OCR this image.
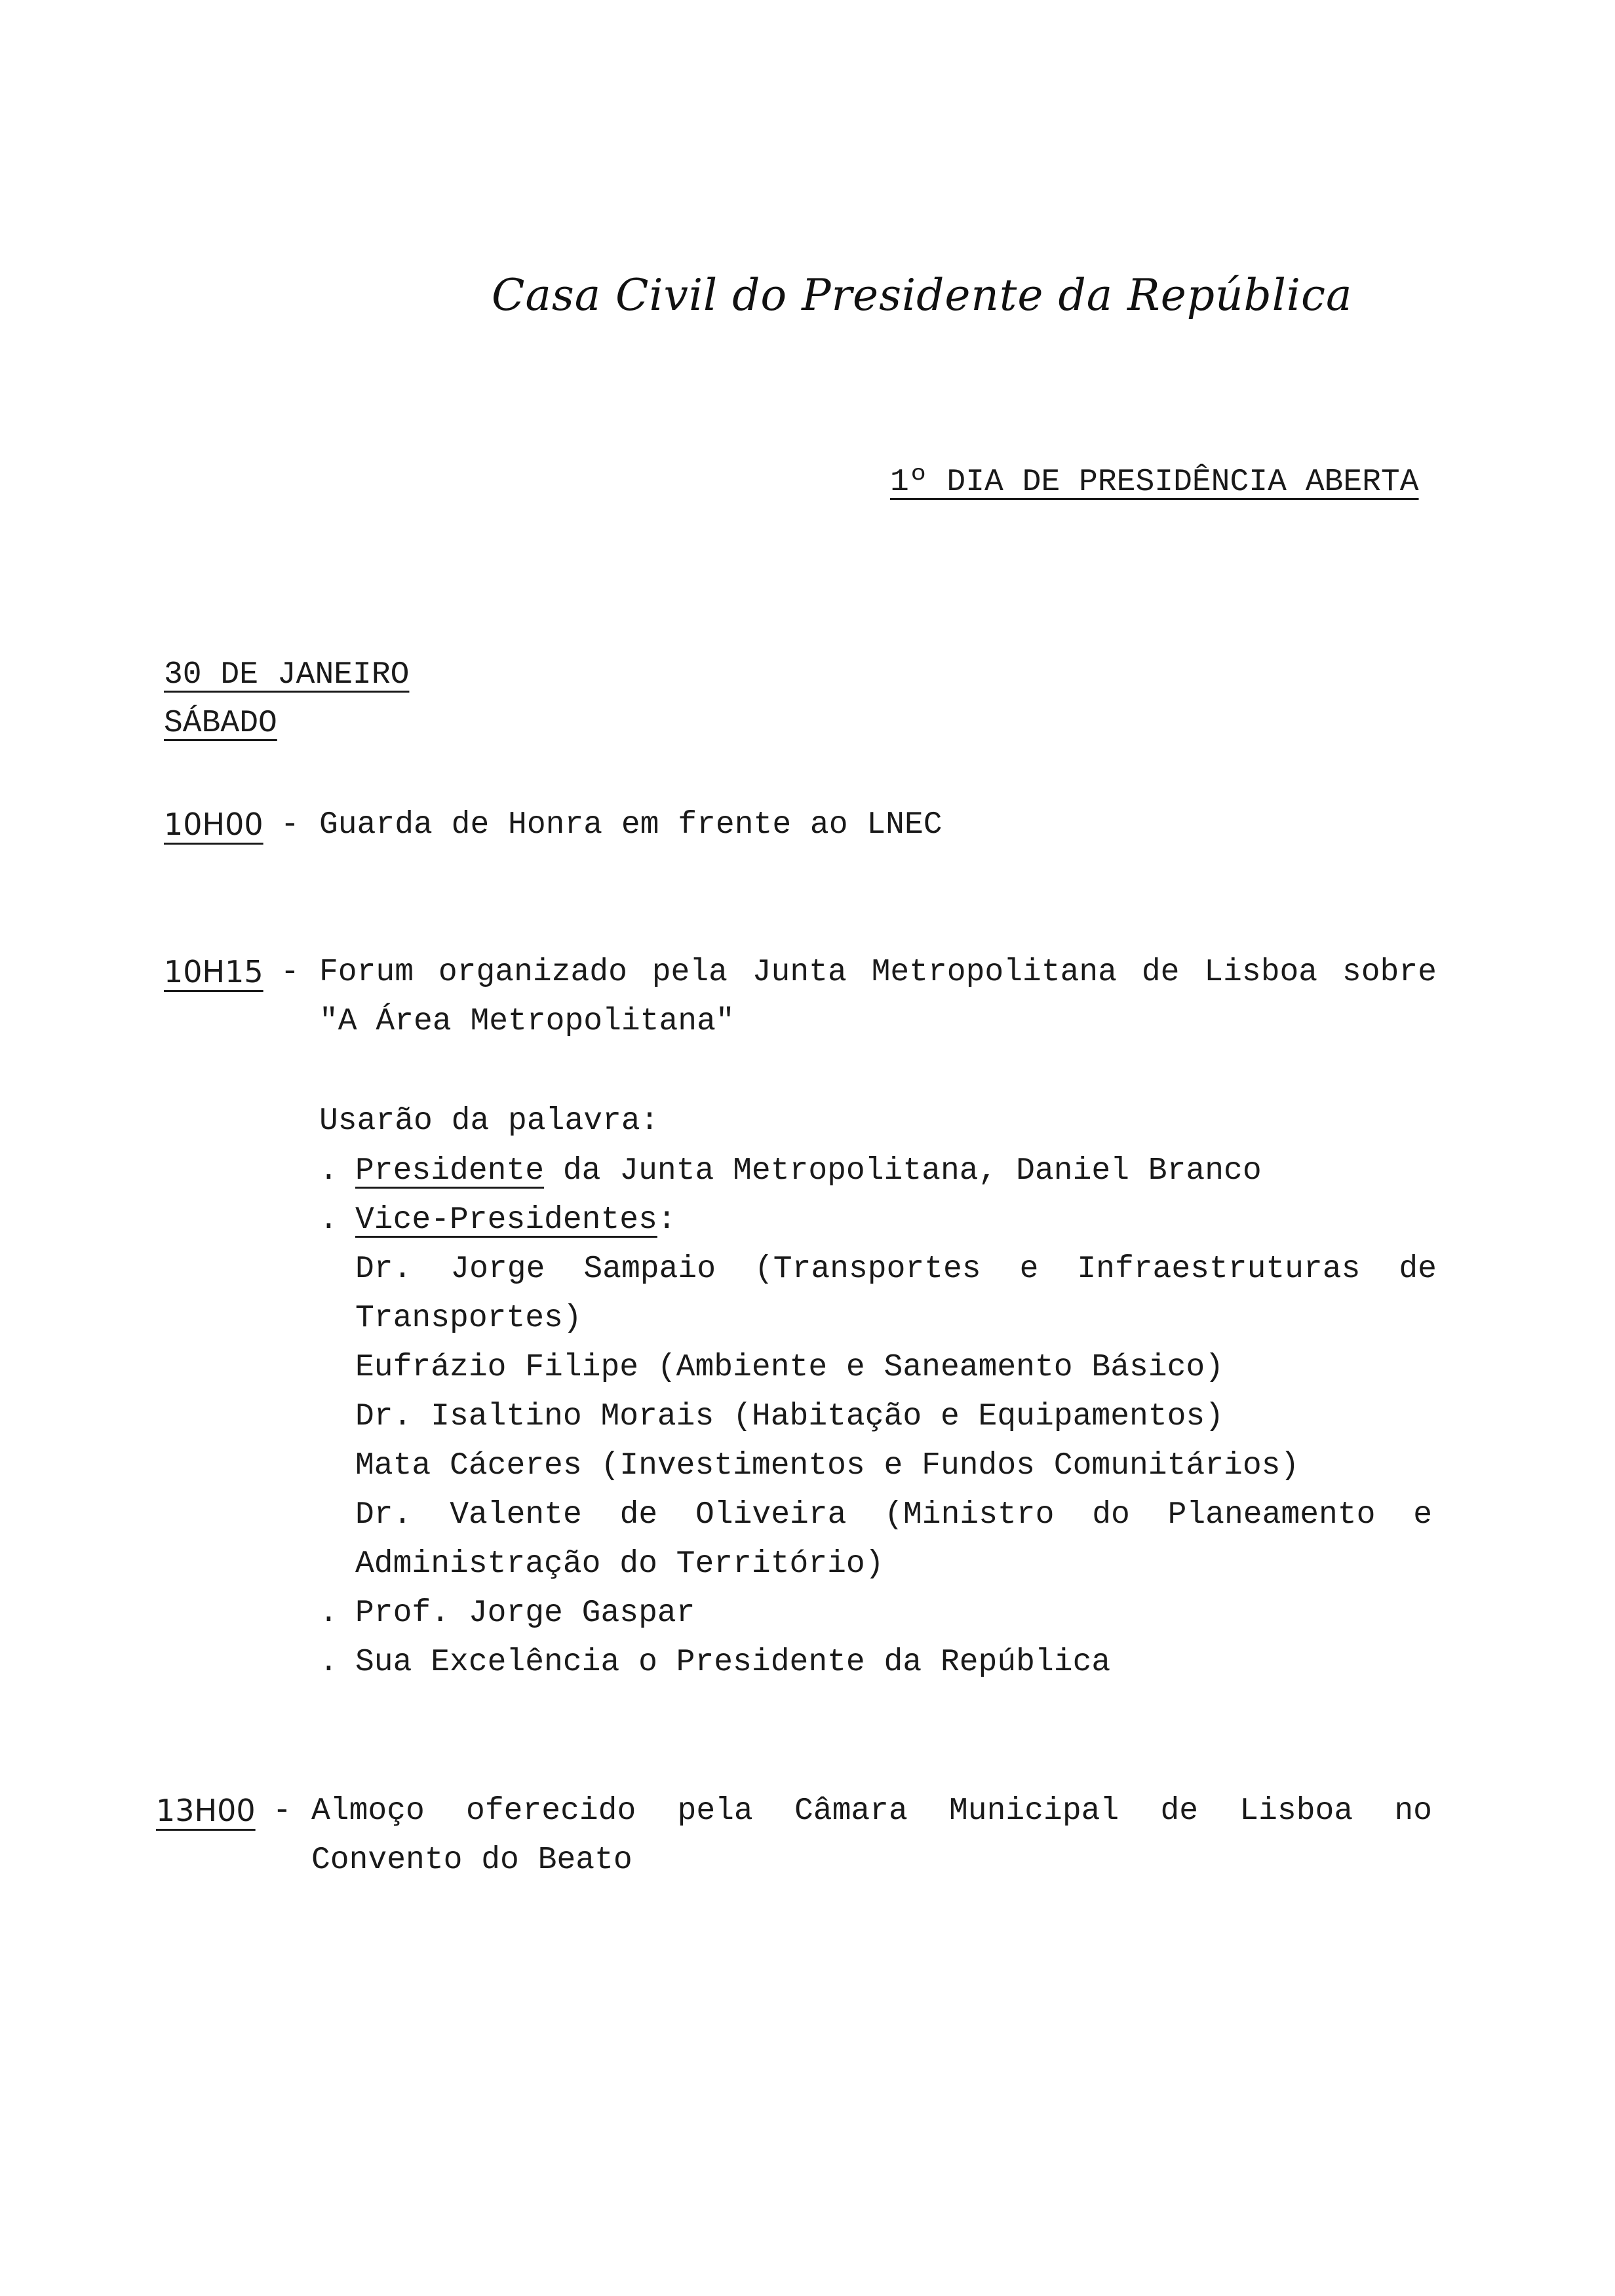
Casa Civil do Presidente da República
1º DIA DE PRESIDÊNCIA ABERTA
30 DE JANEIRO
SÁBADO
10H00 - Guarda de Honra em frente ao LNEC
10H15 - Forum organizado pela Junta Metropolitana de Lisboa sobre
"A Área Metropolitana"
Usarão da palavra:
. Presidente da Junta Metropolitana, Daniel Branco
. Vice-Presidentes:
Dr. Jorge Sampaio (Transportes e Infraestruturas de
Transportes)
Eufrázio Filipe (Ambiente e Saneamento Básico)
Dr. Isaltino Morais (Habitação e Equipamentos)
Mata Cáceres (Investimentos e Fundos Comunitários)
Dr. Valente de Oliveira (Ministro do Planeamento e
Administração do Território)
. Prof. Jorge Gaspar
. Sua Excelência o Presidente da República
13H00 - Almoço oferecido pela Câmara Municipal de Lisboa no
Convento do Beato
